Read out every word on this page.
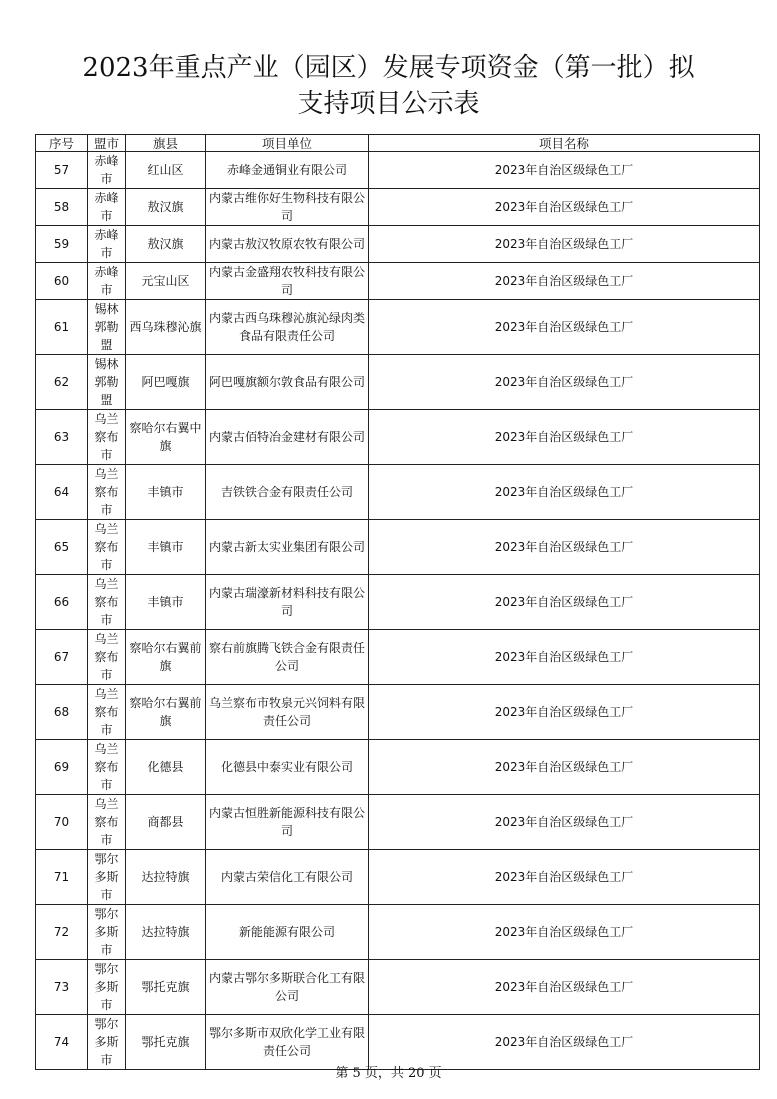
2023年重点产业（园区）发展专项资金（第一批）拟
支持项目公示表
序号	盟市	旗县	项目单位	项目名称
57	赤峰市	红山区	赤峰金通铜业有限公司	2023年自治区级绿色工厂
58	赤峰市	敖汉旗	内蒙古维你好生物科技有限公司	2023年自治区级绿色工厂
59	赤峰市	敖汉旗	内蒙古敖汉牧原农牧有限公司	2023年自治区级绿色工厂
60	赤峰市	元宝山区	内蒙古金盛翔农牧科技有限公司	2023年自治区级绿色工厂
61	锡林郭勒盟	西乌珠穆沁旗	内蒙古西乌珠穆沁旗沁绿肉类食品有限责任公司	2023年自治区级绿色工厂
62	锡林郭勒盟	阿巴嘎旗	阿巴嘎旗额尔敦食品有限公司	2023年自治区级绿色工厂
63	乌兰察布市	察哈尔右翼中旗	内蒙古佰特冶金建材有限公司	2023年自治区级绿色工厂
64	乌兰察布市	丰镇市	吉铁铁合金有限责任公司	2023年自治区级绿色工厂
65	乌兰察布市	丰镇市	内蒙古新太实业集团有限公司	2023年自治区级绿色工厂
66	乌兰察布市	丰镇市	内蒙古瑞濠新材料科技有限公司	2023年自治区级绿色工厂
67	乌兰察布市	察哈尔右翼前旗	察右前旗腾飞铁合金有限责任公司	2023年自治区级绿色工厂
68	乌兰察布市	察哈尔右翼前旗	乌兰察布市牧泉元兴饲料有限责任公司	2023年自治区级绿色工厂
69	乌兰察布市	化德县	化德县中泰实业有限公司	2023年自治区级绿色工厂
70	乌兰察布市	商都县	内蒙古恒胜新能源科技有限公司	2023年自治区级绿色工厂
71	鄂尔多斯市	达拉特旗	内蒙古荣信化工有限公司	2023年自治区级绿色工厂
72	鄂尔多斯市	达拉特旗	新能能源有限公司	2023年自治区级绿色工厂
73	鄂尔多斯市	鄂托克旗	内蒙古鄂尔多斯联合化工有限公司	2023年自治区级绿色工厂
74	鄂尔多斯市	鄂托克旗	鄂尔多斯市双欣化学工业有限责任公司	2023年自治区级绿色工厂
第 5 页，共 20 页
